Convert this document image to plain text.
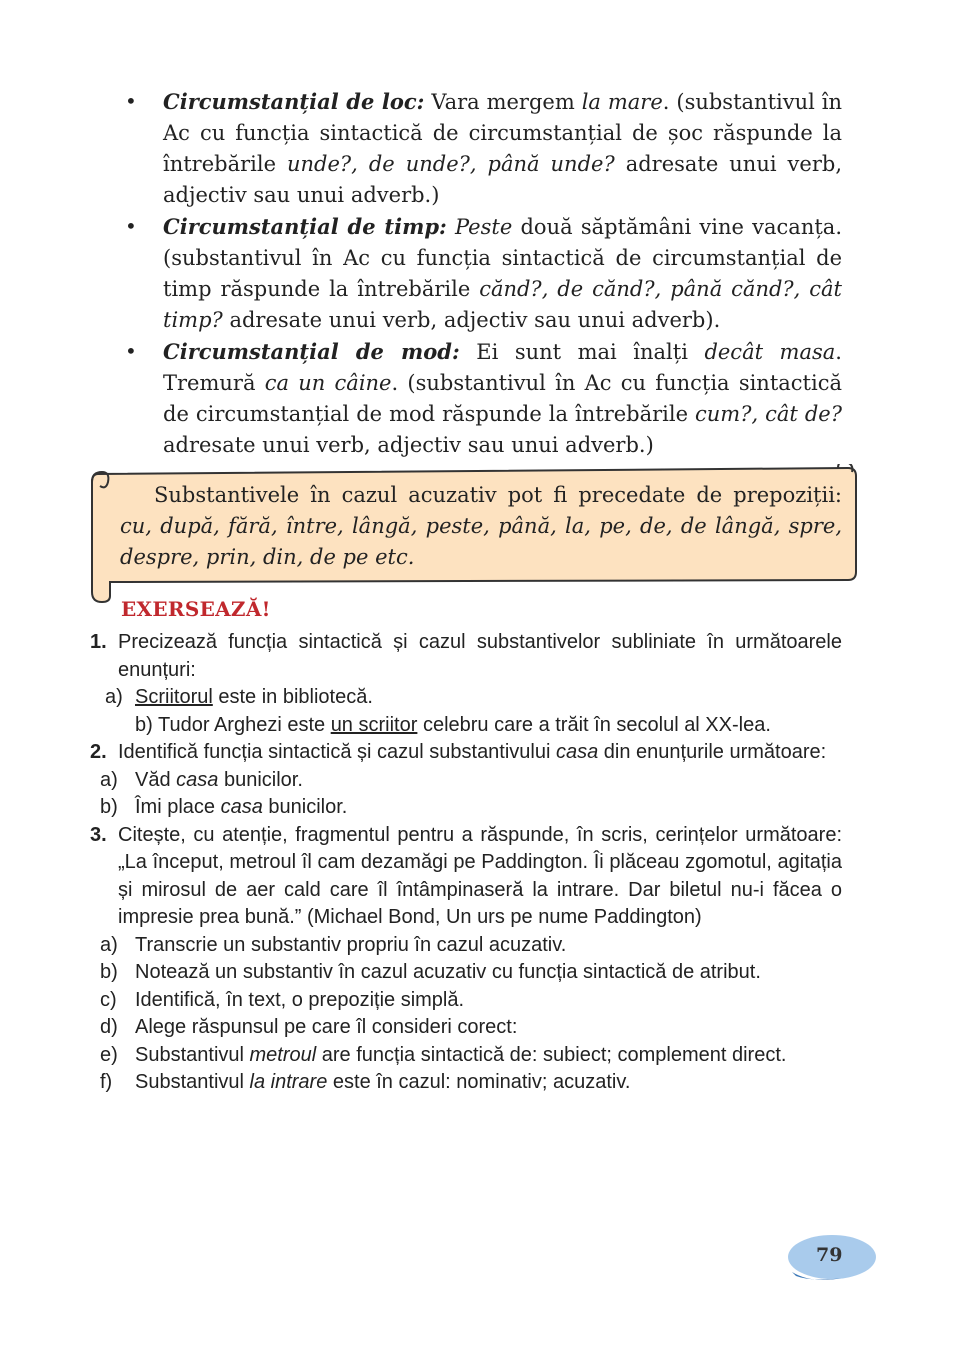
• Circumstanțial de loc: Vara mergem la mare. (substantivul în Ac cu funcția sintactică de circumstanțial de șoc răspunde la întrebările unde?, de unde?, până unde? adresate unui verb, adjectiv sau unui adverb.)
• Circumstanțial de timp: Peste două săptămâni vine vacanța. (substantivul în Ac cu funcția sintactică de circumstanțial de timp răspunde la întrebările cănd?, de cănd?, până cănd?, cât timp? adresate unui verb, adjectiv sau unui adverb).
• Circumstanțial de mod: Ei sunt mai înalți decât masa. Tremură ca un câine. (substantivul în Ac cu funcția sintactică de circumstanțial de mod răspunde la întrebările cum?, cât de? adresate unui verb, adjectiv sau unui adverb.)
Substantivele în cazul acuzativ pot fi precedate de prepoziții: cu, după, fără, între, lângă, peste, până, la, pe, de, de lângă, spre, despre, prin, din, de pe etc.
EXERSEAZĂ!
1. Precizează funcția sintactică și cazul substantivelor subliniate în următoarele enunțuri:
a) Scriitorul este in bibliotecă.
b) Tudor Arghezi este un scriitor celebru care a trăit în secolul al XX-lea.
2. Identifică funcția sintactică și cazul substantivului casa din enunțurile următoare:
a) Văd casa bunicilor.
b) Îmi place casa bunicilor.
3. Citește, cu atenție, fragmentul pentru a răspunde, în scris, cerințelor următoare: „La început, metroul îl cam dezamăgi pe Paddington. Îi plăceau zgomotul, agitația și mirosul de aer cald care îl întâmpinaseră la intrare. Dar biletul nu-i făcea o impresie prea bună.” (Michael Bond, Un urs pe nume Paddington)
a) Transcrie un substantiv propriu în cazul acuzativ.
b) Notează un substantiv în cazul acuzativ cu funcția sintactică de atribut.
c) Identifică, în text, o prepoziție simplă.
d) Alege răspunsul pe care îl consideri corect:
e) Substantivul metroul are funcția sintactică de: subiect; complement direct.
f) Substantivul la intrare este în cazul: nominativ; acuzativ.
79
